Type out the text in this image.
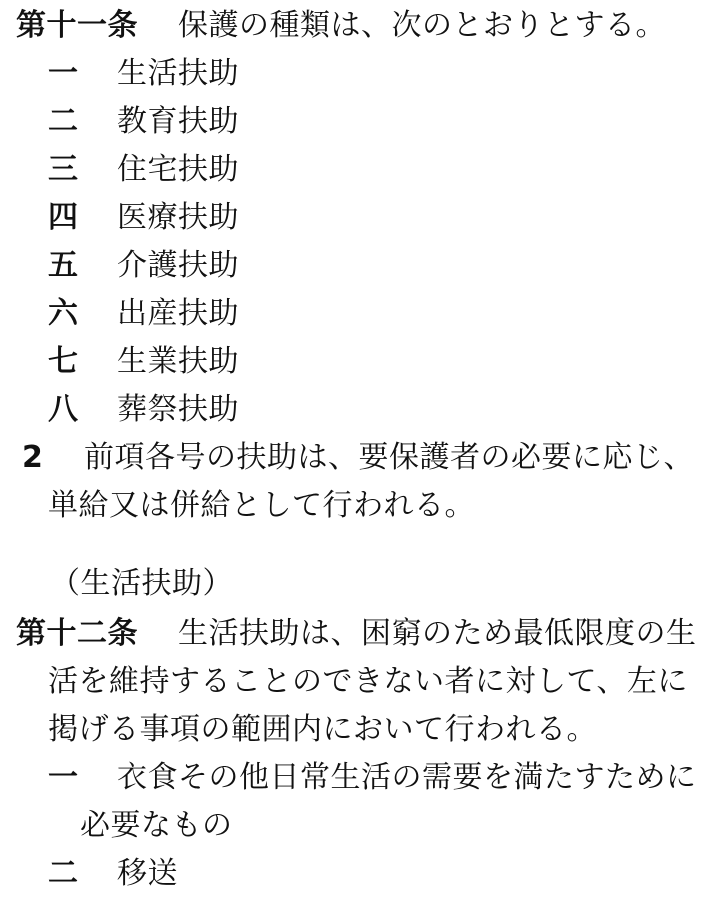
第十一条 保護の種類は、次のとおりとする。
一 生活扶助
二 教育扶助
三 住宅扶助
四 医療扶助
五 介護扶助
六 出産扶助
七 生業扶助
八 葬祭扶助
2 前項各号の扶助は、要保護者の必要に応じ、
単給又は併給として行われる。
（生活扶助）
第十二条 生活扶助は、困窮のため最低限度の生
活を維持することのできない者に対して、左に
掲げる事項の範囲内において行われる。
一 衣食その他日常生活の需要を満たすために
必要なもの
二 移送
